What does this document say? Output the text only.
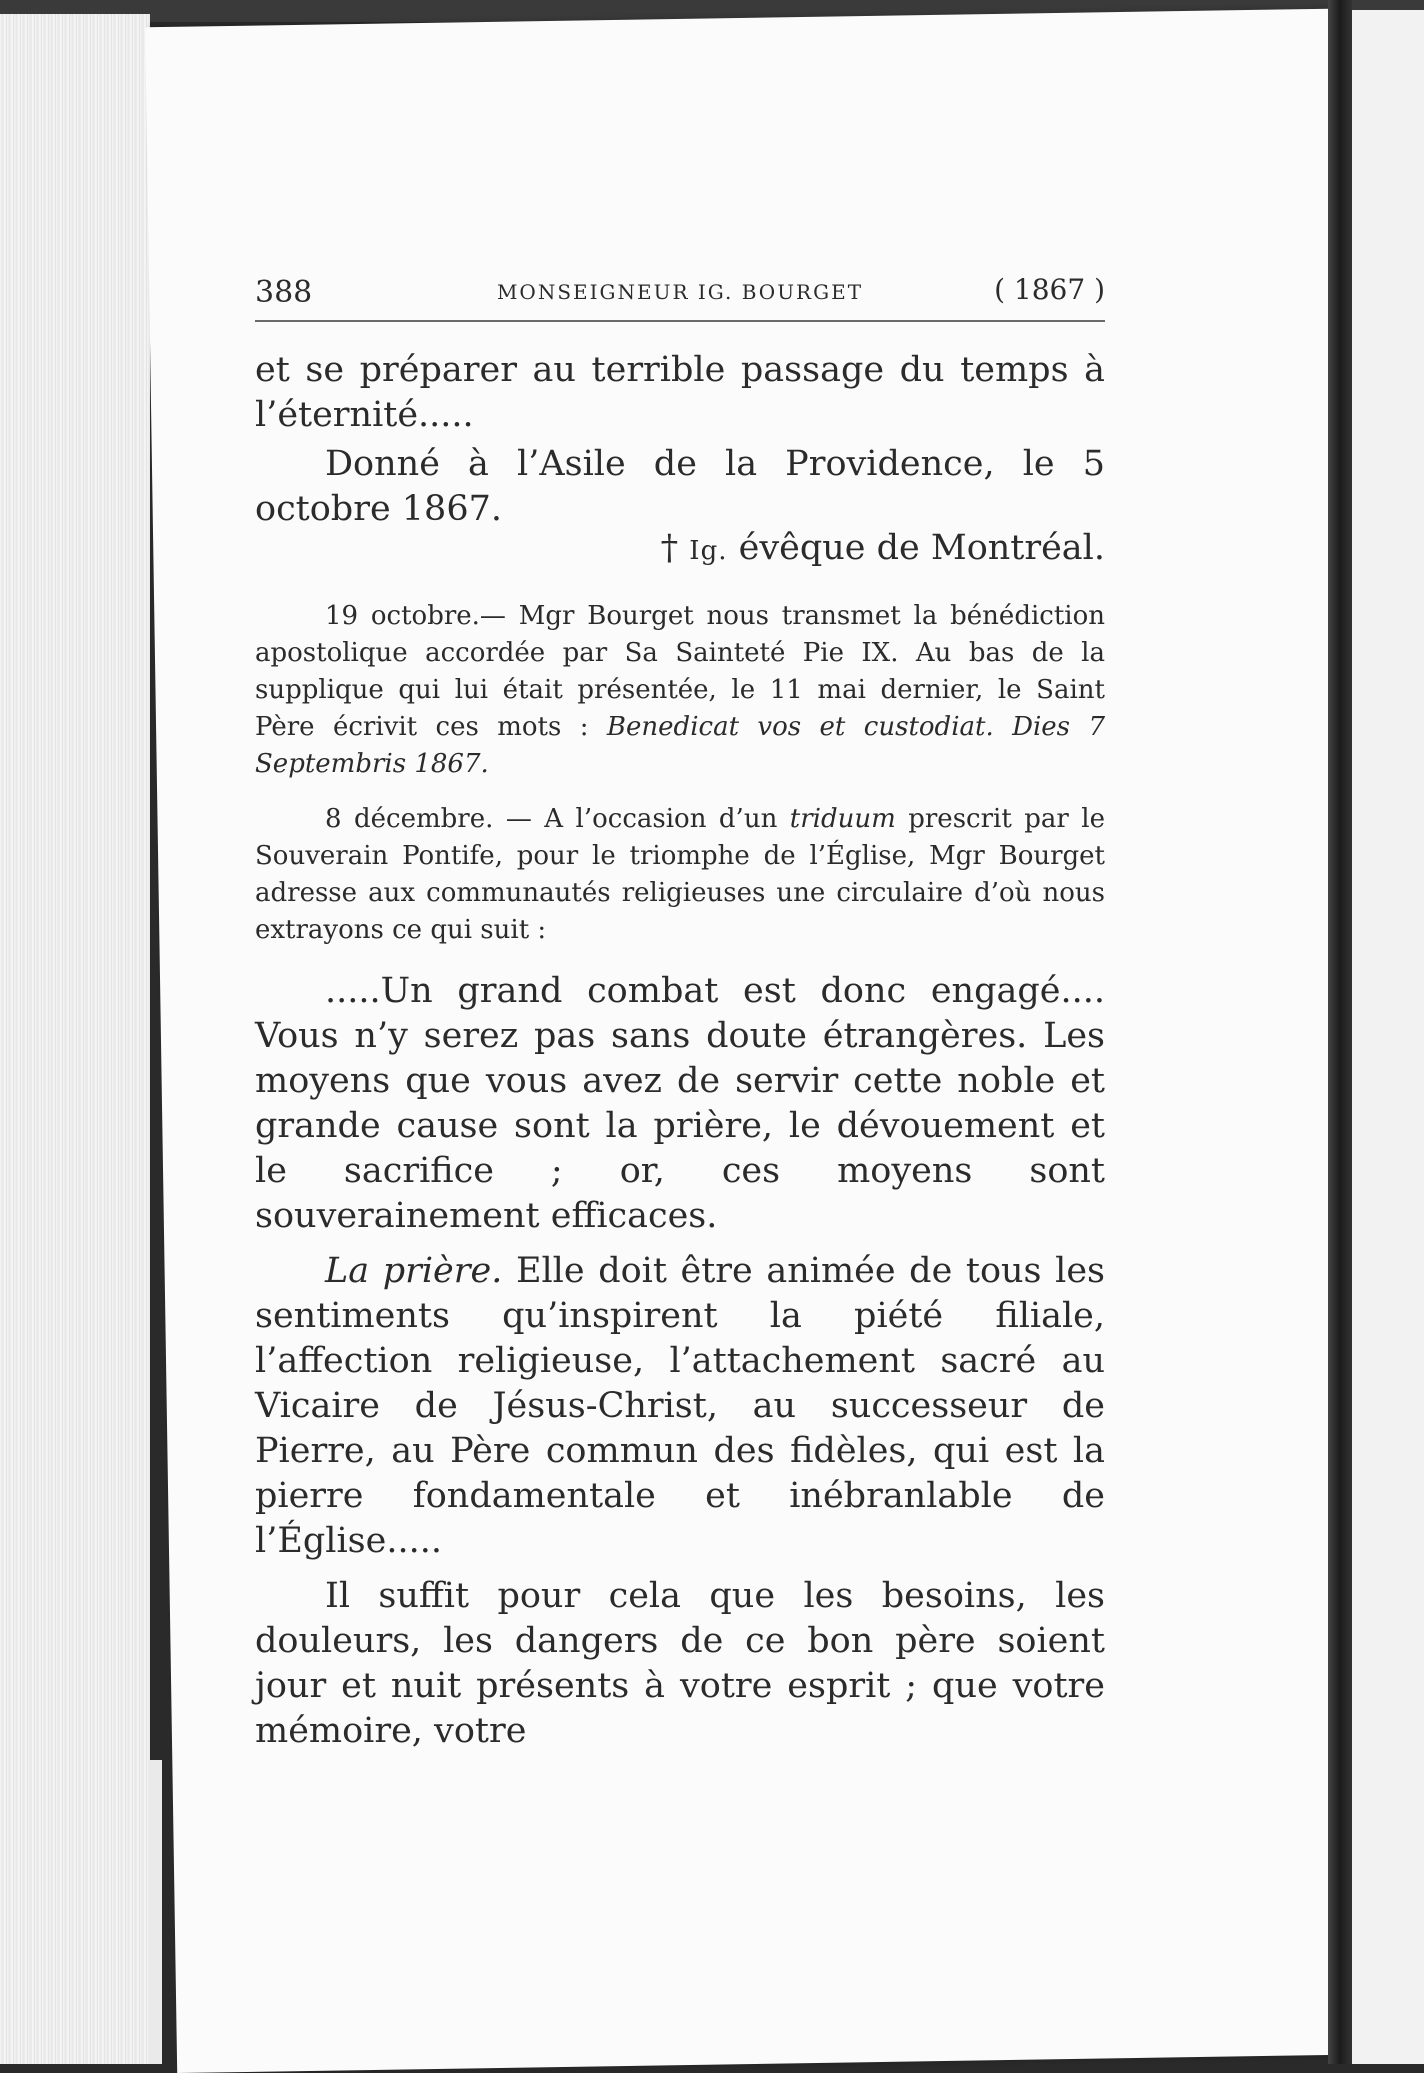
388	MONSEIGNEUR IG. BOURGET	( 1867 )

et se préparer au terrible passage du temps à l’éternité.....

Donné à l’Asile de la Providence, le 5 octobre 1867.

† Ig. évêque de Montréal.

19 octobre.— Mgr Bourget nous transmet la bénédiction apostolique accordée par Sa Sainteté Pie IX. Au bas de la supplique qui lui était présentée, le 11 mai dernier, le Saint Père écrivit ces mots : Benedicat vos et custodiat. Dies 7 Septembris 1867.

8 décembre. — A l’occasion d’un triduum prescrit par le Souverain Pontife, pour le triomphe de l’Église, Mgr Bourget adresse aux communautés religieuses une circulaire d’où nous extrayons ce qui suit :

.....Un grand combat est donc engagé.... Vous n’y serez pas sans doute étrangères. Les moyens que vous avez de servir cette noble et grande cause sont la prière, le dévouement et le sacrifice ; or, ces moyens sont souverainement efficaces.

La prière. Elle doit être animée de tous les sentiments qu’inspirent la piété filiale, l’affection religieuse, l’attachement sacré au Vicaire de Jésus-Christ, au successeur de Pierre, au Père commun des fidèles, qui est la pierre fondamentale et inébranlable de l’Église.....

Il suffit pour cela que les besoins, les douleurs, les dangers de ce bon père soient jour et nuit présents à votre esprit ; que votre mémoire, votre
